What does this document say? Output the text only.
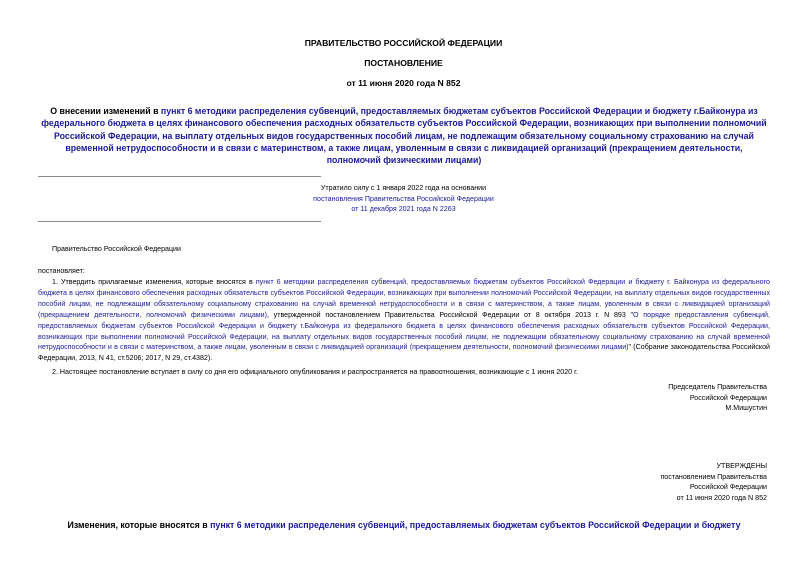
ПРАВИТЕЛЬСТВО РОССИЙСКОЙ ФЕДЕРАЦИИ
ПОСТАНОВЛЕНИЕ
от 11 июня 2020 года N 852
О внесении изменений в пункт 6 методики распределения субвенций, предоставляемых бюджетам субъектов Российской Федерации и бюджету г.Байконура из федерального бюджета в целях финансового обеспечения расходных обязательств субъектов Российской Федерации, возникающих при выполнении полномочий Российской Федерации, на выплату отдельных видов государственных пособий лицам, не подлежащим обязательному социальному страхованию на случай временной нетрудоспособности и в связи с материнством, а также лицам, уволенным в связи с ликвидацией организаций (прекращением деятельности, полномочий физическими лицами)
Утратило силу с 1 января 2022 года на основании
постановления Правительства Российской Федерации
от 11 декабря 2021 года N 2263
Правительство Российской Федерации
постановляет:
1. Утвердить прилагаемые изменения, которые вносятся в пункт 6 методики распределения субвенций, предоставляемых бюджетам субъектов Российской Федерации и бюджету г. Байконура из федерального бюджета в целях финансового обеспечения расходных обязательств субъектов Российской Федерации, возникающих при выполнении полномочий Российской Федерации, на выплату отдельных видов государственных пособий лицам, не подлежащим обязательному социальному страхованию на случай временной нетрудоспособности и в связи с материнством, а также лицам, уволенным в связи с ликвидацией организаций (прекращением деятельности, полномочий физическими лицами), утвержденной постановлением Правительства Российской Федерации от 8 октября 2013 г. N 893 "О порядке предоставления субвенций, предоставляемых бюджетам субъектов Российской Федерации и бюджету г.Байконура из федерального бюджета в целях финансового обеспечения расходных обязательств субъектов Российской Федерации, возникающих при выполнении полномочий Российской Федерации, на выплату отдельных видов государственных пособий лицам, не подлежащим обязательному социальному страхованию на случай временной нетрудоспособности и в связи с материнством, а также лицам, уволенным в связи с ликвидацией организаций (прекращением деятельности, полномочий физическими лицами)" (Собрание законодательства Российской Федерации, 2013, N 41, ст.5206; 2017, N 29, ст.4382).
2. Настоящее постановление вступает в силу со дня его официального опубликования и распространяется на правоотношения, возникающие с 1 июня 2020 г.
Председатель Правительства
Российской Федерации
М.Мишустин
УТВЕРЖДЕНЫ
постановлением Правительства
Российской Федерации
от 11 июня 2020 года N 852
Изменения, которые вносятся в пункт 6 методики распределения субвенций, предоставляемых бюджетам субъектов Российской Федерации и бюджету
